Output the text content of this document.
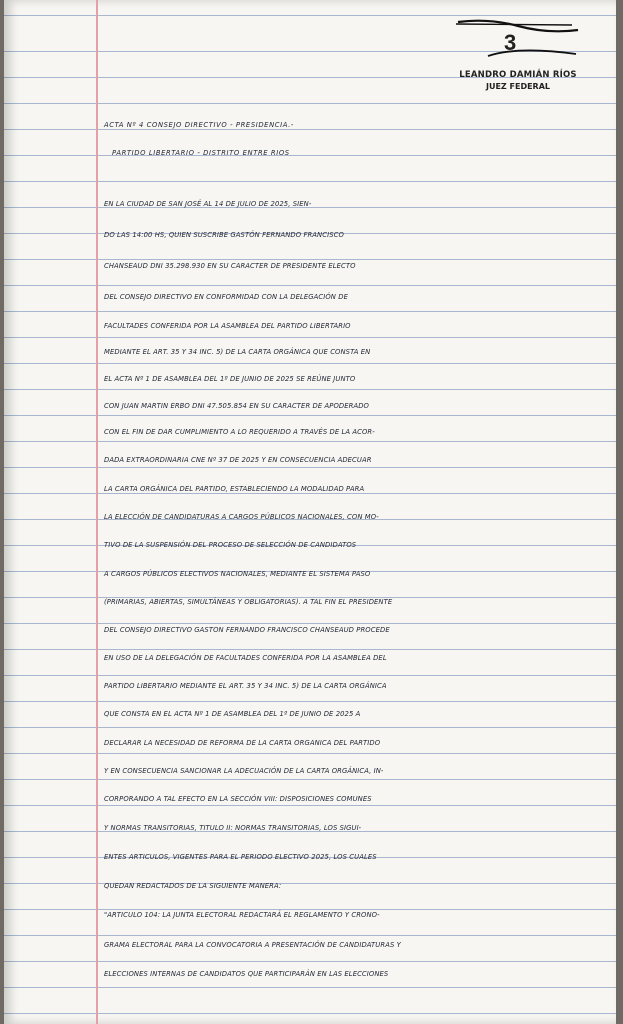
3
LEANDRO DAMIÁN RÍOS
JUEZ FEDERAL
ACTA Nº 4 CONSEJO DIRECTIVO - PRESIDENCIA.-
PARTIDO LIBERTARIO - DISTRITO ENTRE RIOS
EN LA CIUDAD DE SAN JOSÉ AL 14 DE JULIO DE 2025, SIEN-
DO LAS 14:00 HS, QUIEN SUSCRIBE GASTÓN FERNANDO FRANCISCO
CHANSEAUD DNI 35.298.930 EN SU CARACTER DE PRESIDENTE ELECTO
DEL CONSEJO DIRECTIVO EN CONFORMIDAD CON LA DELEGACIÓN DE
FACULTADES CONFERIDA POR LA ASAMBLEA DEL PARTIDO LIBERTARIO
MEDIANTE EL ART. 35 Y 34 INC. 5) DE LA CARTA ORGÁNICA QUE CONSTA EN
EL ACTA Nº 1 DE ASAMBLEA DEL 1º DE JUNIO DE 2025 SE REÚNE JUNTO
CON JUAN MARTIN ERBO DNI 47.505.854 EN SU CARACTER DE APODERADO
CON EL FIN DE DAR CUMPLIMIENTO A LO REQUERIDO A TRAVÉS DE LA ACOR-
DADA EXTRAORDINARIA CNE Nº 37 DE 2025 Y EN CONSECUENCIA ADECUAR
LA CARTA ORGÁNICA DEL PARTIDO, ESTABLECIENDO LA MODALIDAD PARA
LA ELECCIÓN DE CANDIDATURAS A CARGOS PÚBLICOS NACIONALES, CON MO-
TIVO DE LA SUSPENSIÓN DEL PROCESO DE SELECCIÓN DE CANDIDATOS
A CARGOS PÚBLICOS ELECTIVOS NACIONALES, MEDIANTE EL SISTEMA PASO
(PRIMARIAS, ABIERTAS, SIMULTÁNEAS Y OBLIGATORIAS). A TAL FIN EL PRESIDENTE
DEL CONSEJO DIRECTIVO GASTON FERNANDO FRANCISCO CHANSEAUD PROCEDE
EN USO DE LA DELEGACIÓN DE FACULTADES CONFERIDA POR LA ASAMBLEA DEL
PARTIDO LIBERTARIO MEDIANTE EL ART. 35 Y 34 INC. 5) DE LA CARTA ORGÁNICA
QUE CONSTA EN EL ACTA Nº 1 DE ASAMBLEA DEL 1º DE JUNIO DE 2025 A
DECLARAR LA NECESIDAD DE REFORMA DE LA CARTA ORGANICA DEL PARTIDO
Y EN CONSECUENCIA SANCIONAR LA ADECUACIÓN DE LA CARTA ORGÁNICA, IN-
CORPORANDO A TAL EFECTO EN LA SECCIÓN VIII: DISPOSICIONES COMUNES
Y NORMAS TRANSITORIAS, TITULO II: NORMAS TRANSITORIAS, LOS SIGUI-
ENTES ARTICULOS, VIGENTES PARA EL PERIODO ELECTIVO 2025, LOS CUALES
QUEDAN REDACTADOS DE LA SIGUIENTE MANERA:
"ARTICULO 104: LA JUNTA ELECTORAL REDACTARÁ EL REGLAMENTO Y CRONO-
GRAMA ELECTORAL PARA LA CONVOCATORIA A PRESENTACIÓN DE CANDIDATURAS Y
ELECCIONES INTERNAS DE CANDIDATOS QUE PARTICIPARÁN EN LAS ELECCIONES
